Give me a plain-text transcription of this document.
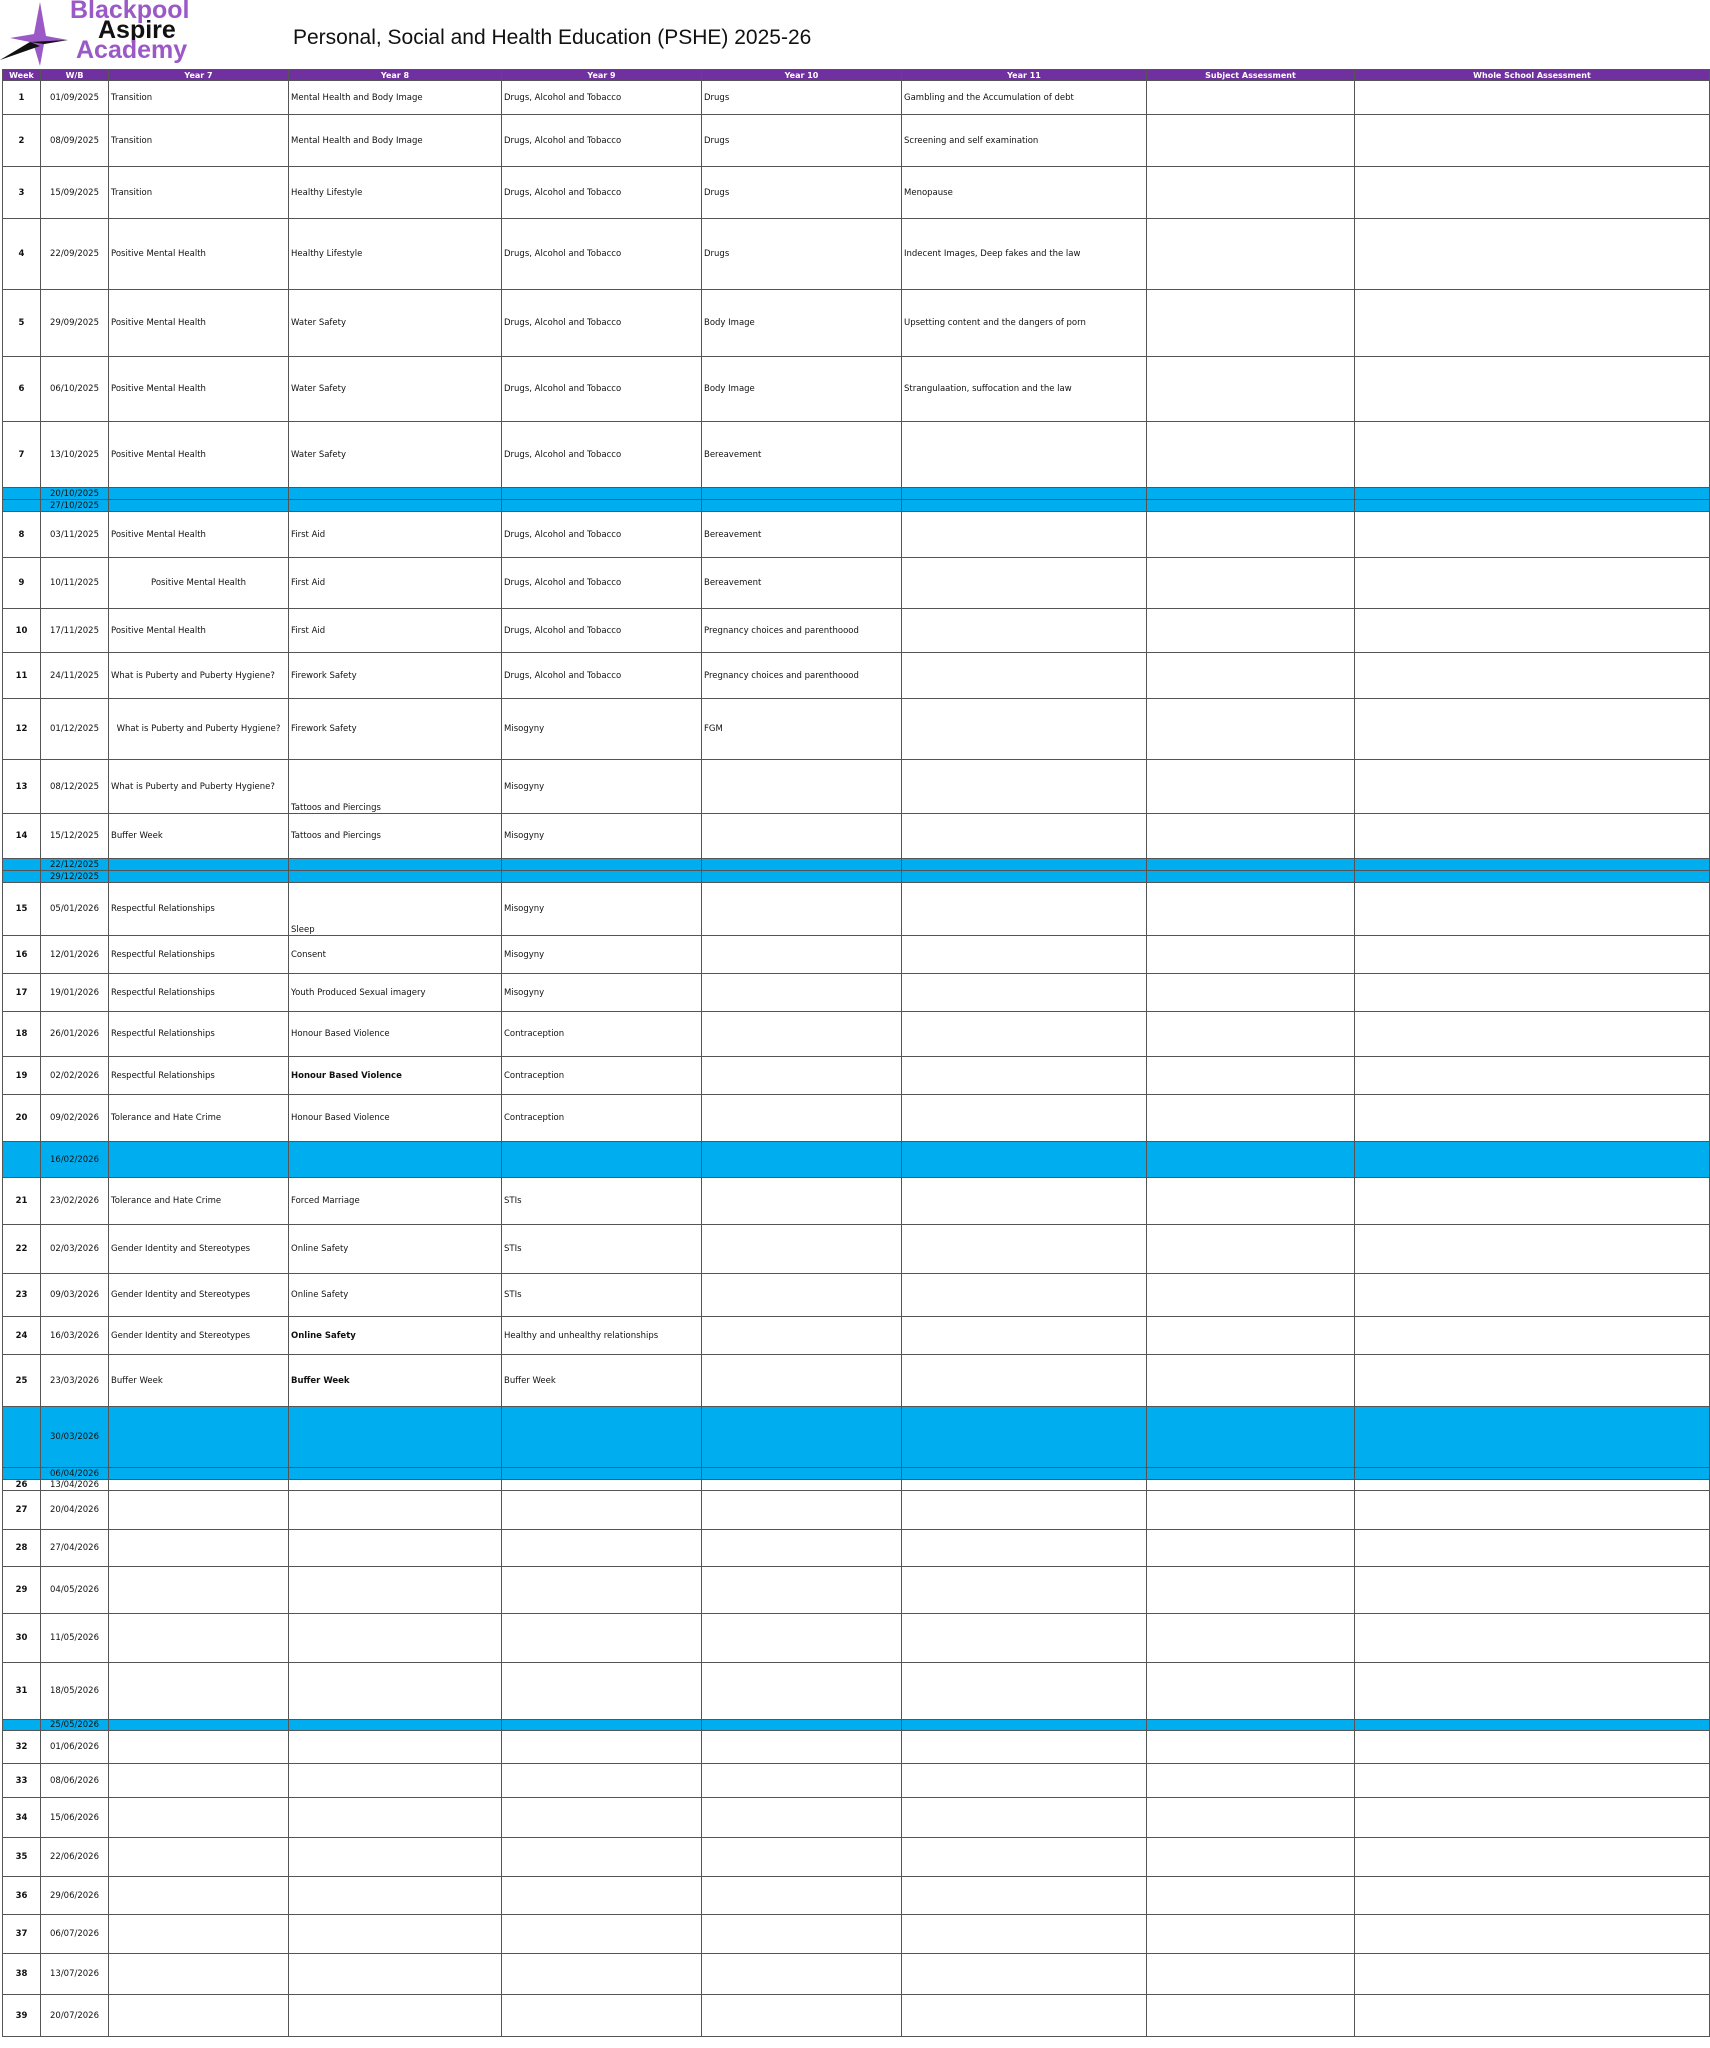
Blackpool
Aspire
Academy	Personal, Social and Health Education (PSHE) 2025-26
Week	W/B	Year 7	Year 8	Year 9	Year 10	Year 11	Subject Assessment	Whole School Assessment
1	01/09/2025	Transition	Mental Health and Body Image	Drugs, Alcohol and Tobacco	Drugs	Gambling and the Accumulation of debt		
2	08/09/2025	Transition	Mental Health and Body Image	Drugs, Alcohol and Tobacco	Drugs	Screening and self examination		
3	15/09/2025	Transition	Healthy Lifestyle	Drugs, Alcohol and Tobacco	Drugs	Menopause		
4	22/09/2025	Positive Mental Health	Healthy Lifestyle	Drugs, Alcohol and Tobacco	Drugs	Indecent Images, Deep fakes and the law		
5	29/09/2025	Positive Mental Health	Water Safety	Drugs, Alcohol and Tobacco	Body Image	Upsetting content and the dangers of porn		
6	06/10/2025	Positive Mental Health	Water Safety	Drugs, Alcohol and Tobacco	Body Image	Strangulaation, suffocation and the law		
7	13/10/2025	Positive Mental Health	Water Safety	Drugs, Alcohol and Tobacco	Bereavement			
	20/10/2025							
	27/10/2025							
8	03/11/2025	Positive Mental Health	First Aid	Drugs, Alcohol and Tobacco	Bereavement			
9	10/11/2025	Positive Mental Health	First Aid	Drugs, Alcohol and Tobacco	Bereavement			
10	17/11/2025	Positive Mental Health	First Aid	Drugs, Alcohol and Tobacco	Pregnancy choices and parenthoood			
11	24/11/2025	What is Puberty and Puberty Hygiene?	Firework Safety	Drugs, Alcohol and Tobacco	Pregnancy choices and parenthoood			
12	01/12/2025	What is Puberty and Puberty Hygiene?	Firework Safety	Misogyny	FGM			
13	08/12/2025	What is Puberty and Puberty Hygiene?	Tattoos and Piercings	Misogyny				
14	15/12/2025	Buffer Week	Tattoos and Piercings	Misogyny				
	22/12/2025							
	29/12/2025							
15	05/01/2026	Respectful Relationships	Sleep	Misogyny				
16	12/01/2026	Respectful Relationships	Consent	Misogyny				
17	19/01/2026	Respectful Relationships	Youth Produced Sexual imagery	Misogyny				
18	26/01/2026	Respectful Relationships	Honour Based Violence	Contraception				
19	02/02/2026	Respectful Relationships	Honour Based Violence	Contraception				
20	09/02/2026	Tolerance and Hate Crime	Honour Based Violence	Contraception				
	16/02/2026							
21	23/02/2026	Tolerance and Hate Crime	Forced Marriage	STIs				
22	02/03/2026	Gender Identity and Stereotypes	Online Safety	STIs				
23	09/03/2026	Gender Identity and Stereotypes	Online Safety	STIs				
24	16/03/2026	Gender Identity and Stereotypes	Online Safety	Healthy and unhealthy relationships				
25	23/03/2026	Buffer Week	Buffer Week	Buffer Week				
	30/03/2026							
	06/04/2026							
26	13/04/2026							
27	20/04/2026							
28	27/04/2026							
29	04/05/2026							
30	11/05/2026							
31	18/05/2026							
	25/05/2026							
32	01/06/2026							
33	08/06/2026							
34	15/06/2026							
35	22/06/2026							
36	29/06/2026							
37	06/07/2026							
38	13/07/2026							
39	20/07/2026							
